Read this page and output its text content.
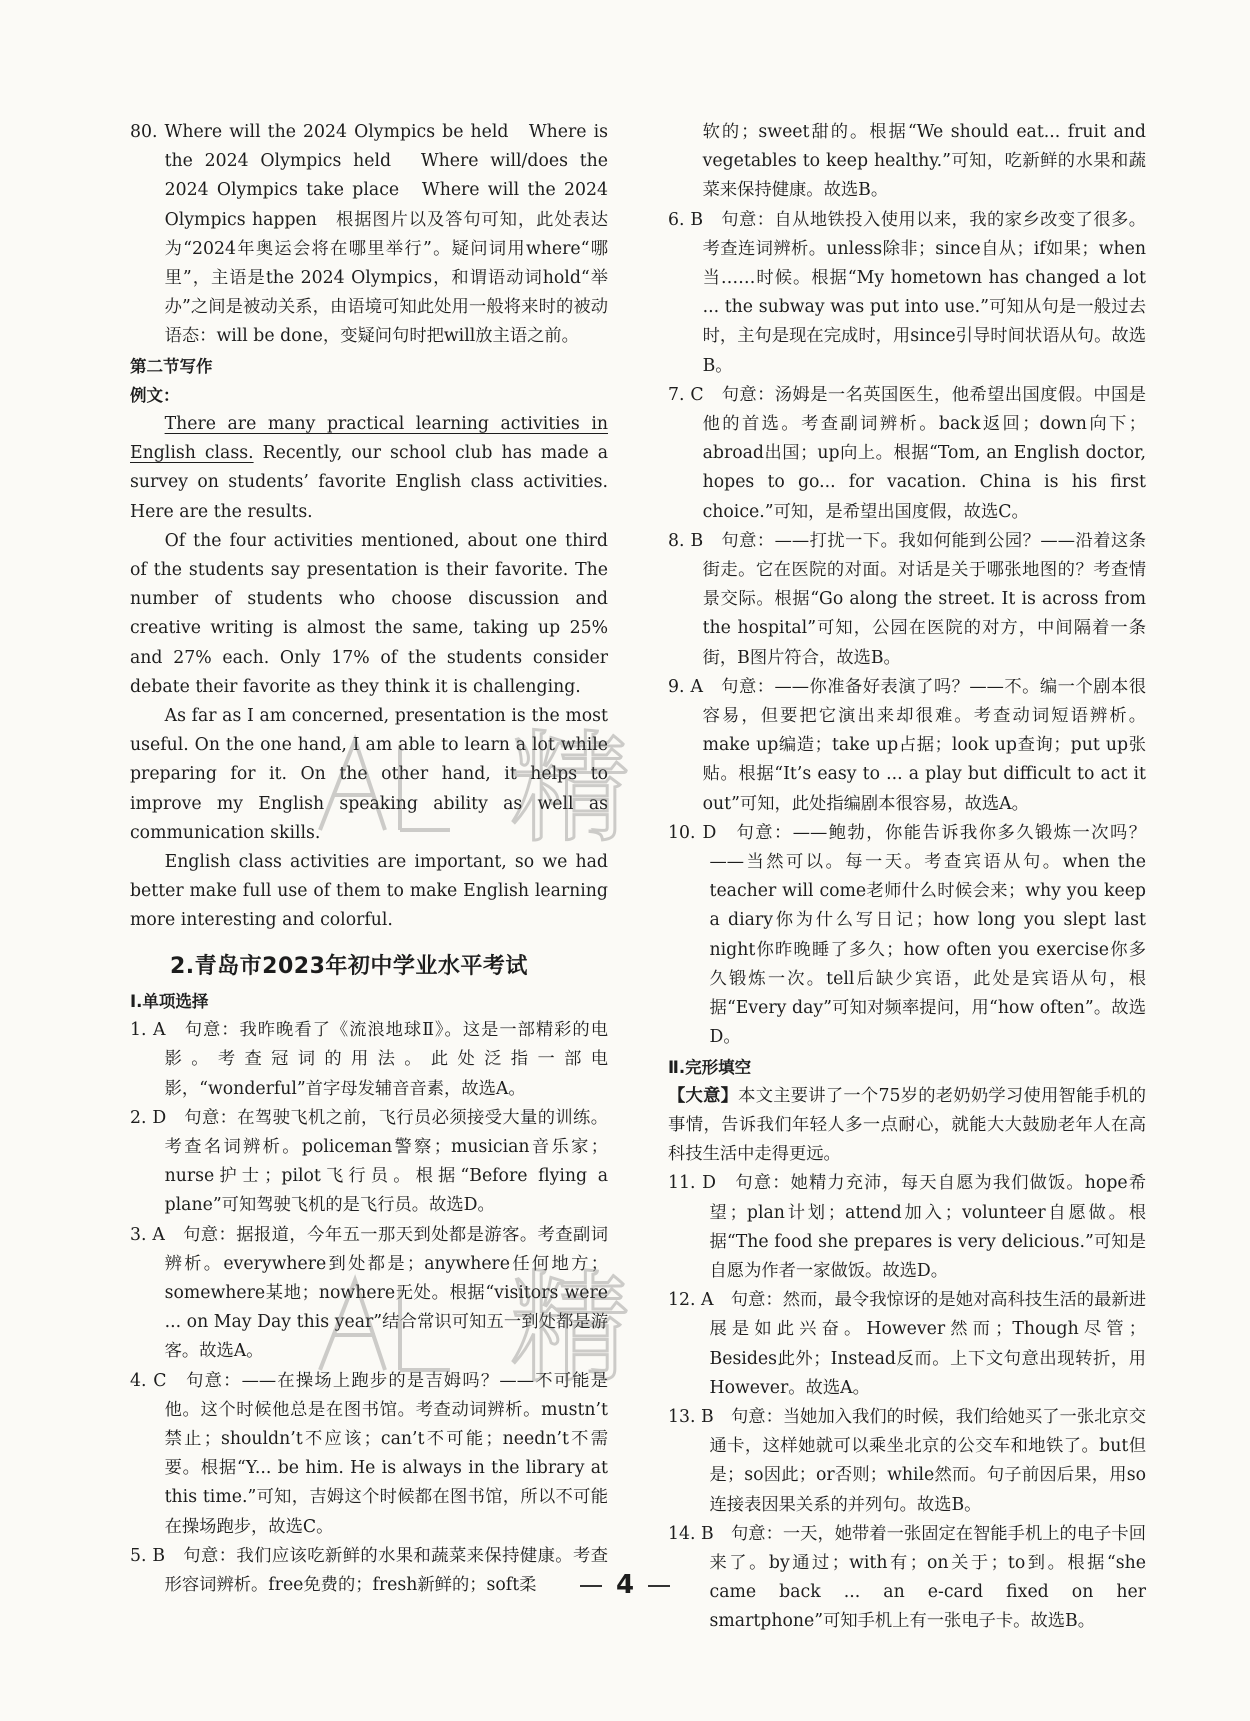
80. Where will the 2024 Olympics be held　Where is the 2024 Olympics held　Where will/does the 2024 Olympics take place　Where will the 2024 Olympics happen　根据图片以及答句可知，此处表达为“2024年奥运会将在哪里举行”。疑问词用where“哪里”，主语是the 2024 Olympics，和谓语动词hold“举办”之间是被动关系，由语境可知此处用一般将来时的被动语态：will be done，变疑问句时把will放主语之前。

第二节写作

例文：

There are many practical learning activities in English class. Recently, our school club has made a survey on students’ favorite English class activities. Here are the results.

Of the four activities mentioned, about one third of the students say presentation is their favorite. The number of students who choose discussion and creative writing is almost the same, taking up 25% and 27% each. Only 17% of the students consider debate their favorite as they think it is challenging.

As far as I am concerned, presentation is the most useful. On the one hand, I am able to learn a lot while preparing for it. On the other hand, it helps to improve my English speaking ability as well as communication skills.

English class activities are important, so we had better make full use of them to make English learning more interesting and colorful.

2.青岛市2023年初中学业水平考试

Ⅰ.单项选择

1. A　句意：我昨晚看了《流浪地球Ⅱ》。这是一部精彩的电影。考查冠词的用法。此处泛指一部电影，“wonderful”首字母发辅音音素，故选A。

2. D　句意：在驾驶飞机之前，飞行员必须接受大量的训练。考查名词辨析。policeman警察；musician音乐家；nurse护士；pilot飞行员。根据“Before flying a plane”可知驾驶飞机的是飞行员。故选D。

3. A　句意：据报道，今年五一那天到处都是游客。考查副词辨析。everywhere到处都是；anywhere任何地方；somewhere某地；nowhere无处。根据“visitors were ... on May Day this year”结合常识可知五一到处都是游客。故选A。

4. C　句意：——在操场上跑步的是吉姆吗？——不可能是他。这个时候他总是在图书馆。考查动词辨析。mustn’t禁止；shouldn’t不应该；can’t不可能；needn’t不需要。根据“Y... be him. He is always in the library at this time.”可知，吉姆这个时候都在图书馆，所以不可能在操场跑步，故选C。

5. B　句意：我们应该吃新鲜的水果和蔬菜来保持健康。考查形容词辨析。free免费的；fresh新鲜的；soft柔

软的；sweet甜的。根据“We should eat... fruit and vegetables to keep healthy.”可知，吃新鲜的水果和蔬菜来保持健康。故选B。

6. B　句意：自从地铁投入使用以来，我的家乡改变了很多。考查连词辨析。unless除非；since自从；if如果；when当……时候。根据“My hometown has changed a lot ... the subway was put into use.”可知从句是一般过去时，主句是现在完成时，用since引导时间状语从句。故选B。

7. C　句意：汤姆是一名英国医生，他希望出国度假。中国是他的首选。考查副词辨析。back返回；down向下；abroad出国；up向上。根据“Tom, an English doctor, hopes to go... for vacation. China is his first choice.”可知，是希望出国度假，故选C。

8. B　句意：——打扰一下。我如何能到公园？——沿着这条街走。它在医院的对面。对话是关于哪张地图的？考查情景交际。根据“Go along the street. It is across from the hospital”可知，公园在医院的对方，中间隔着一条街，B图片符合，故选B。

9. A　句意：——你准备好表演了吗？——不。编一个剧本很容易，但要把它演出来却很难。考查动词短语辨析。make up编造；take up占据；look up查询；put up张贴。根据“It’s easy to ... a play but difficult to act it out”可知，此处指编剧本很容易，故选A。

10. D　句意：——鲍勃，你能告诉我你多久锻炼一次吗？——当然可以。每一天。考查宾语从句。when the teacher will come老师什么时候会来；why you keep a diary你为什么写日记；how long you slept last night你昨晚睡了多久；how often you exercise你多久锻炼一次。tell后缺少宾语，此处是宾语从句，根据“Every day”可知对频率提问，用“how often”。故选D。

Ⅱ.完形填空

【大意】本文主要讲了一个75岁的老奶奶学习使用智能手机的事情，告诉我们年轻人多一点耐心，就能大大鼓励老年人在高科技生活中走得更远。

11. D　句意：她精力充沛，每天自愿为我们做饭。hope希望；plan计划；attend加入；volunteer自愿做。根据“The food she prepares is very delicious.”可知是自愿为作者一家做饭。故选D。

12. A　句意：然而，最令我惊讶的是她对高科技生活的最新进展是如此兴奋。However然而；Though尽管；Besides此外；Instead反而。上下文句意出现转折，用However。故选A。

13. B　句意：当她加入我们的时候，我们给她买了一张北京交通卡，这样她就可以乘坐北京的公交车和地铁了。but但是；so因此；or否则；while然而。句子前因后果，用so连接表因果关系的并列句。故选B。

14. B　句意：一天，她带着一张固定在智能手机上的电子卡回来了。by通过；with有；on关于；to到。根据“she came back ... an e-card fixed on her smartphone”可知手机上有一张电子卡。故选B。

精
精
4
